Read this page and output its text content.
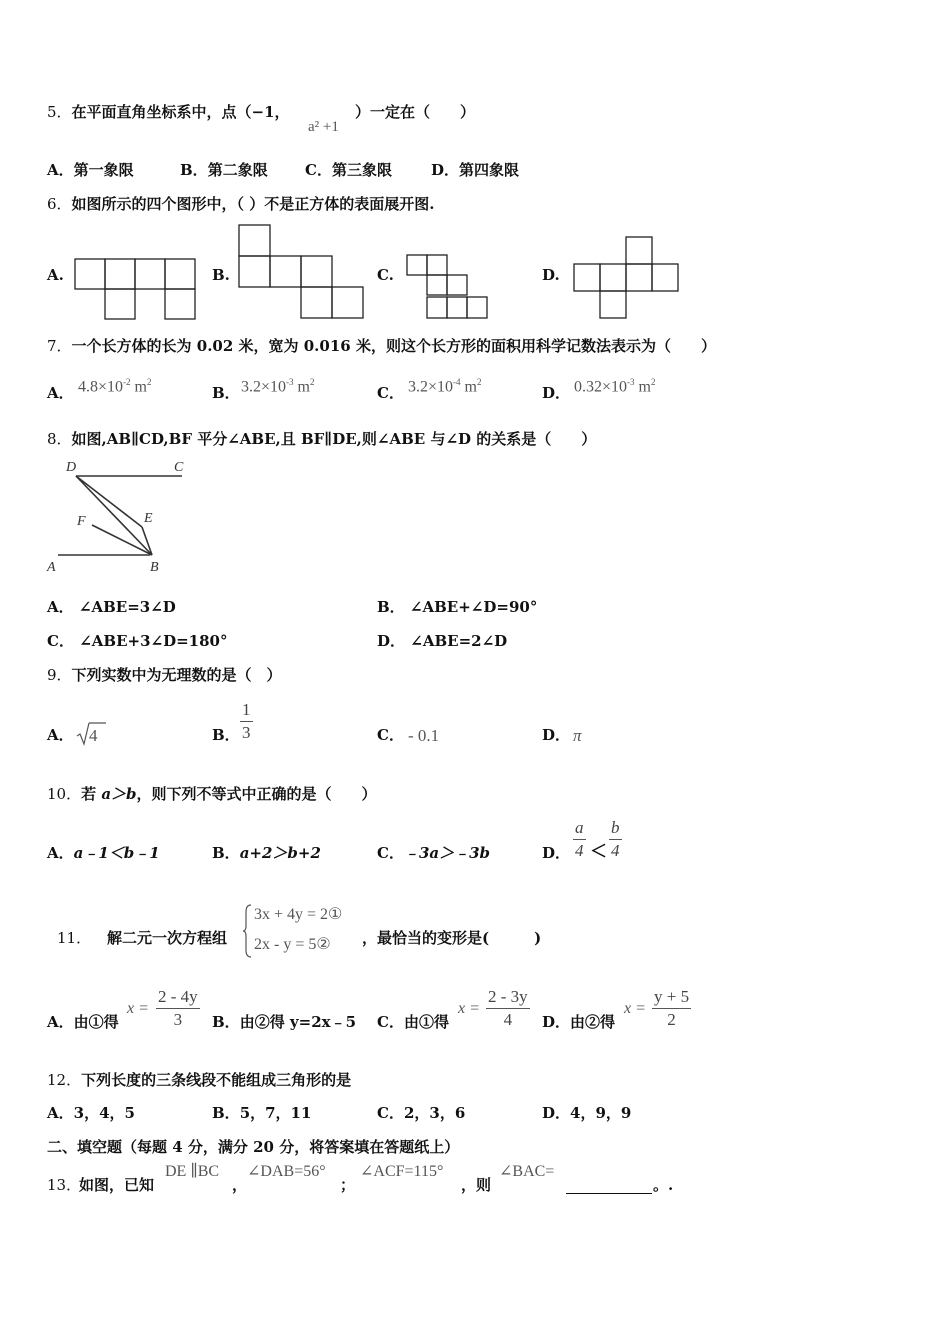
5．在平面直角坐标系中，点（−1，
a² +1
）一定在（　　）
A．第一象限	B．第二象限 C．第三象限	D．第四象限
6．如图所示的四个图形中，（ ）不是正方体的表面展开图.
A.	B.	C.	D.
7．一个长方体的长为 0.02 米，宽为 0.016 米，则这个长方形的面积用科学记数法表示为（　　）
A． $4.8\times 10^{-2}$ $m^2$
B． $3.2\times 10^{-3}$ $m^2$
C． $3.2\times 10^{-4}$ $m^2$
D． $0.32\times 10^{-3}$ $m^2$
8．如图,AB∥CD,BF 平分∠ABE,且 BF∥DE,则∠ABE 与∠D 的关系是（　　）
D	C
F	E
A	B
A． ∠ABE=3∠D	B． ∠ABE+∠D=90°
C． ∠ABE+3∠D=180°	D． ∠ABE=2∠D
9．下列实数中为无理数的是（　）
A． 4	B．
1
3	C． - 0.1	D． π
10．若 a＞b，则下列不等式中正确的是（　　）
A．a﹣1＜b﹣1	B．a+2＞b+2	C．﹣3a＞﹣3b	D．
a
4 ＜
b
4
11． 解二元一次方程组
3x + 4y = 2①
2x - y = 5② ，最恰当的变形是(　　　)
A．由①得
x =
2 - 4y
3 B．由②得 y=2x﹣5 C．由①得
x =
2 - 3y
4 D．由②得
x =
y + 5
2
12．下列长度的三条线段不能组成三角形的是
A．3，4，5	B．5，7，11	C．2，3，6	D．4，9，9
二、填空题（每题 4 分，满分 20 分，将答案填在答题纸上）
13．
如图，已知
DE ∥BC
，
∠DAB=56°
；
∠ACF=115°
，则
∠BAC=
。.
